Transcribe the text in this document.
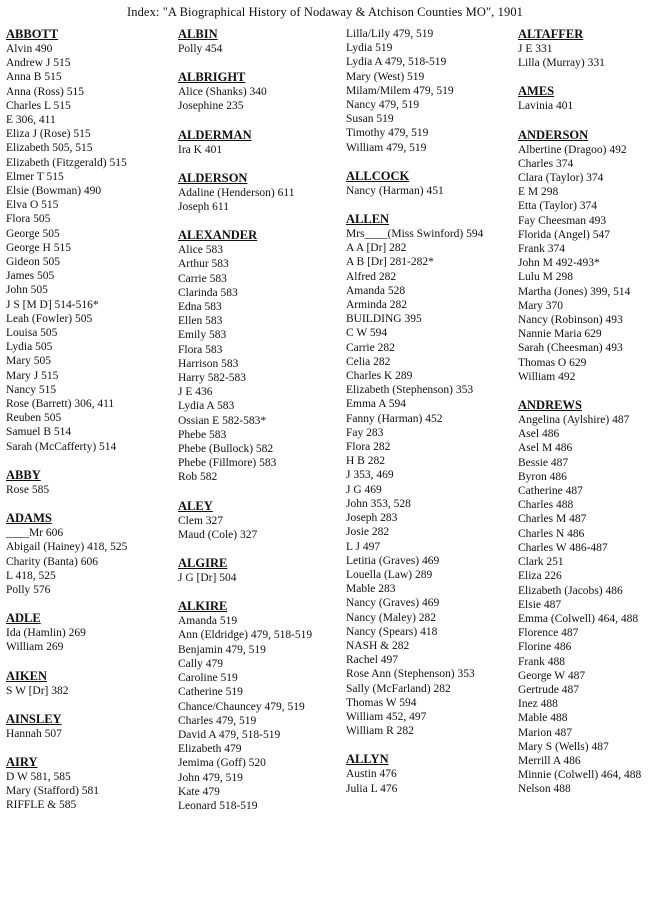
Index: "A Biographical History of Nodaway & Atchison Counties MO", 1901
ABBOTT
Alvin 490
Andrew J 515
Anna B 515
Anna (Ross) 515
Charles L 515
E 306, 411
Eliza J (Rose) 515
Elizabeth 505, 515
Elizabeth (Fitzgerald) 515
Elmer T 515
Elsie (Bowman) 490
Elva O 515
Flora 505
George 505
George H 515
Gideon 505
James 505
John 505
J S [M D] 514-516*
Leah (Fowler) 505
Louisa 505
Lydia 505
Mary 505
Mary J 515
Nancy 515
Rose (Barrett) 306, 411
Reuben 505
Samuel B 514
Sarah (McCafferty) 514
ABBY
Rose 585
ADAMS
____Mr 606
Abigail (Hainey) 418, 525
Charity (Banta) 606
L 418, 525
Polly 576
ADLE
Ida (Hamlin) 269
William 269
AIKEN
S W [Dr] 382
AINSLEY
Hannah 507
AIRY
D W 581, 585
Mary (Stafford) 581
RIFFLE & 585
ALBIN
Polly 454
ALBRIGHT
Alice (Shanks) 340
Josephine 235
ALDERMAN
Ira K 401
ALDERSON
Adaline (Henderson) 611
Joseph 611
ALEXANDER
Alice 583
Arthur 583
Carrie 583
Clarinda 583
Edna 583
Ellen 583
Emily 583
Flora 583
Harrison 583
Harry 582-583
J E 436
Lydia A 583
Ossian E 582-583*
Phebe 583
Phebe (Bullock) 582
Phebe (Fillmore) 583
Rob 582
ALEY
Clem 327
Maud (Cole) 327
ALGIRE
J G [Dr] 504
ALKIRE
Amanda 519
Ann (Eldridge) 479, 518-519
Benjamin 479, 519
Cally 479
Caroline 519
Catherine 519
Chance/Chauncey 479, 519
Charles 479, 519
David A 479, 518-519
Elizabeth 479
Jemima (Goff) 520
John 479, 519
Kate 479
Leonard 518-519
Lilla/Lily 479, 519
Lydia 519
Lydia A 479, 518-519
Mary (West) 519
Milam/Milem 479, 519
Nancy 479, 519
Susan 519
Timothy 479, 519
William 479, 519
ALLCOCK
Nancy (Harman) 451
ALLEN
Mrs____(Miss Swinford) 594
A A [Dr] 282
A B [Dr] 281-282*
Alfred 282
Amanda 528
Arminda 282
BUILDING 395
C W 594
Carrie 282
Celia 282
Charles K 289
Elizabeth (Stephenson) 353
Emma A 594
Fanny (Harman) 452
Fay 283
Flora 282
H B 282
J 353, 469
J G 469
John 353, 528
Joseph 283
Josie 282
L J 497
Letitia (Graves) 469
Louella (Law) 289
Mable 283
Nancy (Graves) 469
Nancy (Maley) 282
Nancy (Spears) 418
NASH & 282
Rachel 497
Rose Ann (Stephenson) 353
Sally (McFarland) 282
Thomas W 594
William 452, 497
William R 282
ALLYN
Austin 476
Julia L 476
ALTAFFER
J E 331
Lilla (Murray) 331
AMES
Lavinia 401
ANDERSON
Albertine (Dragoo) 492
Charles 374
Clara (Taylor) 374
E M 298
Etta (Taylor) 374
Fay Cheesman 493
Florida (Angel) 547
Frank 374
John M 492-493*
Lulu M 298
Martha (Jones) 399, 514
Mary 370
Nancy (Robinson) 493
Nannie Maria 629
Sarah (Cheesman) 493
Thomas O 629
William 492
ANDREWS
Angelina (Aylshire) 487
Asel 486
Asel M 486
Bessie 487
Byron 486
Catherine 487
Charles 488
Charles M 487
Charles N 486
Charles W 486-487
Clark 251
Eliza 226
Elizabeth (Jacobs) 486
Elsie 487
Emma (Colwell) 464, 488
Florence 487
Florine 486
Frank 488
George W 487
Gertrude 487
Inez 488
Mable 488
Marion 487
Mary S (Wells) 487
Merrill A 486
Minnie (Colwell) 464, 488
Nelson 488
